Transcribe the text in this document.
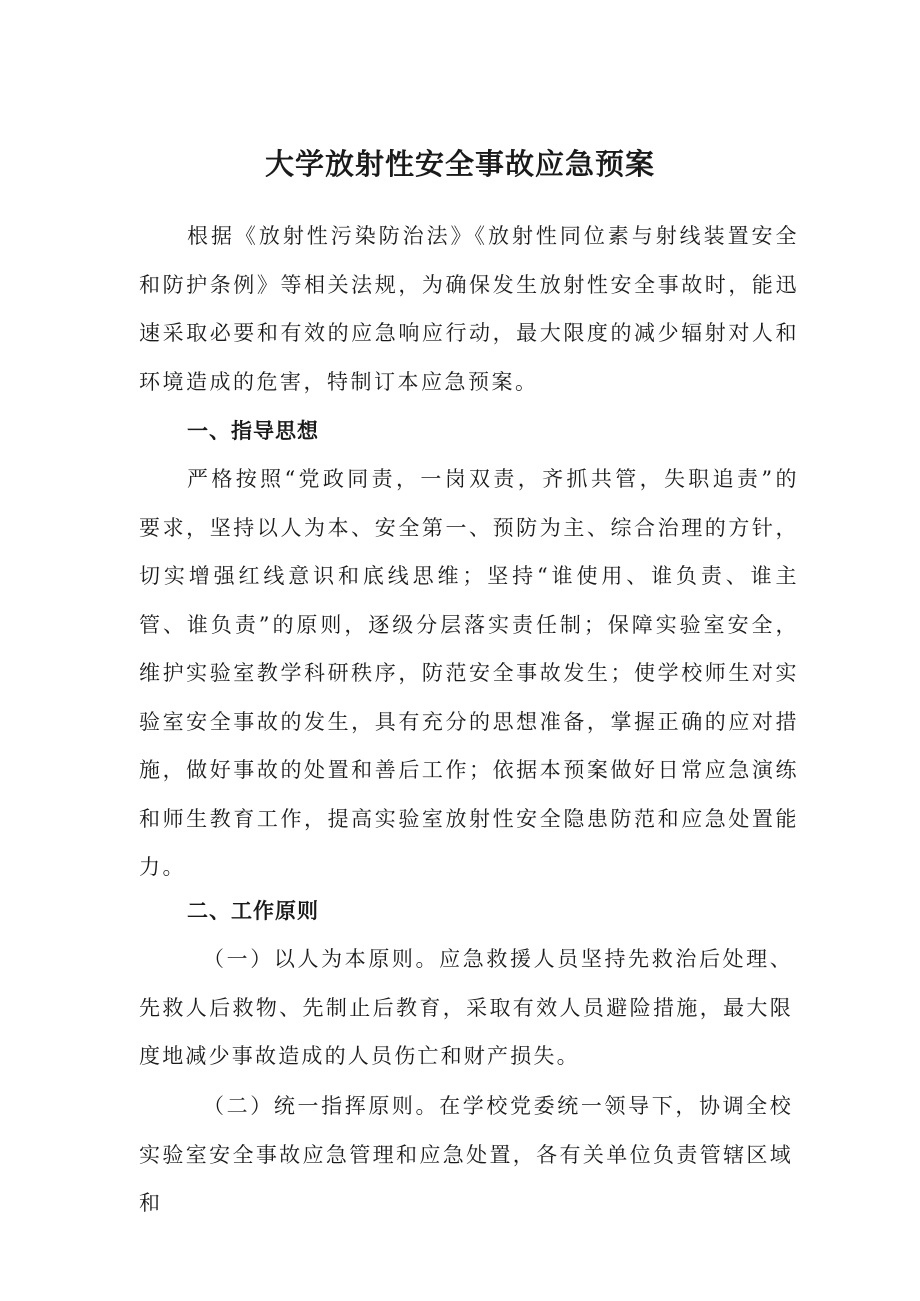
大学放射性安全事故应急预案

根据《放射性污染防治法》《放射性同位素与射线装置安全和防护条例》等相关法规，为确保发生放射性安全事故时，能迅速采取必要和有效的应急响应行动，最大限度的减少辐射对人和环境造成的危害，特制订本应急预案。

一、指导思想

严格按照“党政同责，一岗双责，齐抓共管，失职追责”的要求，坚持以人为本、安全第一、预防为主、综合治理的方针，切实增强红线意识和底线思维；坚持“谁使用、谁负责、谁主管、谁负责”的原则，逐级分层落实责任制；保障实验室安全，维护实验室教学科研秩序，防范安全事故发生；使学校师生对实验室安全事故的发生，具有充分的思想准备，掌握正确的应对措施，做好事故的处置和善后工作；依据本预案做好日常应急演练和师生教育工作，提高实验室放射性安全隐患防范和应急处置能力。

二、工作原则

（一）以人为本原则。应急救援人员坚持先救治后处理、先救人后救物、先制止后教育，采取有效人员避险措施，最大限度地减少事故造成的人员伤亡和财产损失。

（二）统一指挥原则。在学校党委统一领导下，协调全校实验室安全事故应急管理和应急处置，各有关单位负责管辖区域和
